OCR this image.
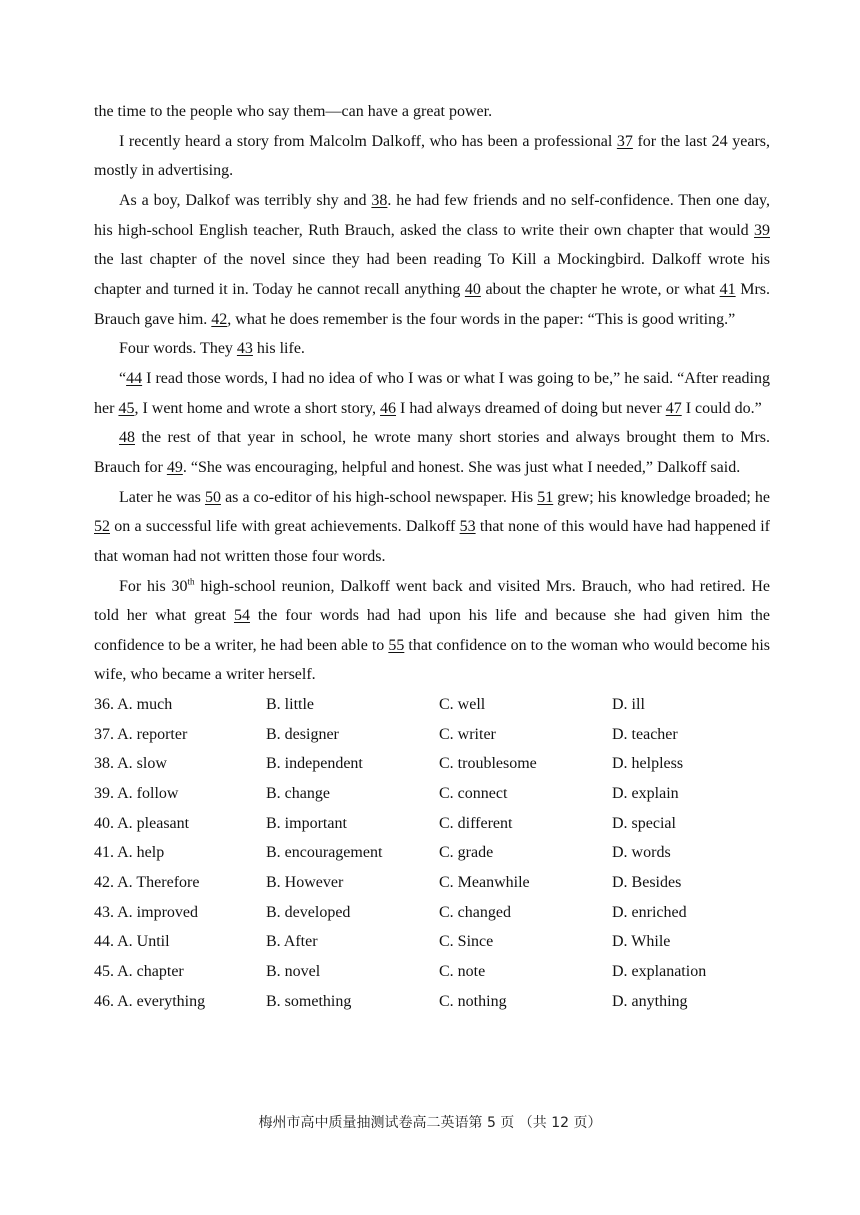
the time to the people who say them—can have a great power.

I recently heard a story from Malcolm Dalkoff, who has been a professional 37 for the last 24 years, mostly in advertising.

As a boy, Dalkof was terribly shy and 38. he had few friends and no self-confidence. Then one day, his high-school English teacher, Ruth Brauch, asked the class to write their own chapter that would 39 the last chapter of the novel since they had been reading To Kill a Mockingbird. Dalkoff wrote his chapter and turned it in. Today he cannot recall anything 40 about the chapter he wrote, or what 41 Mrs. Brauch gave him. 42, what he does remember is the four words in the paper: “This is good writing.”

Four words. They 43 his life.

“44 I read those words, I had no idea of who I was or what I was going to be,” he said. “After reading her 45, I went home and wrote a short story, 46 I had always dreamed of doing but never 47 I could do.”

48 the rest of that year in school, he wrote many short stories and always brought them to Mrs. Brauch for 49. “She was encouraging, helpful and honest. She was just what I needed,” Dalkoff said.

Later he was 50 as a co-editor of his high-school newspaper. His 51 grew; his knowledge broaded; he 52 on a successful life with great achievements. Dalkoff 53 that none of this would have had happened if that woman had not written those four words.

For his 30th high-school reunion, Dalkoff went back and visited Mrs. Brauch, who had retired. He told her what great 54 the four words had had upon his life and because she had given him the confidence to be a writer, he had been able to 55 that confidence on to the woman who would become his wife, who became a writer herself.

36. A. much	B. little	C. well	D. ill
37. A. reporter	B. designer	C. writer	D. teacher
38. A. slow	B. independent	C. troublesome	D. helpless
39. A. follow	B. change	C. connect	D. explain
40. A. pleasant	B. important	C. different	D. special
41. A. help	B. encouragement	C. grade	D. words
42. A. Therefore	B. However	C. Meanwhile	D. Besides
43. A. improved	B. developed	C. changed	D. enriched
44. A. Until	B. After	C. Since	D. While
45. A. chapter	B. novel	C. note	D. explanation
46. A. everything	B. something	C. nothing	D. anything
梅州市高中质量抽测试卷高二英语第 5 页 （共 12 页）
